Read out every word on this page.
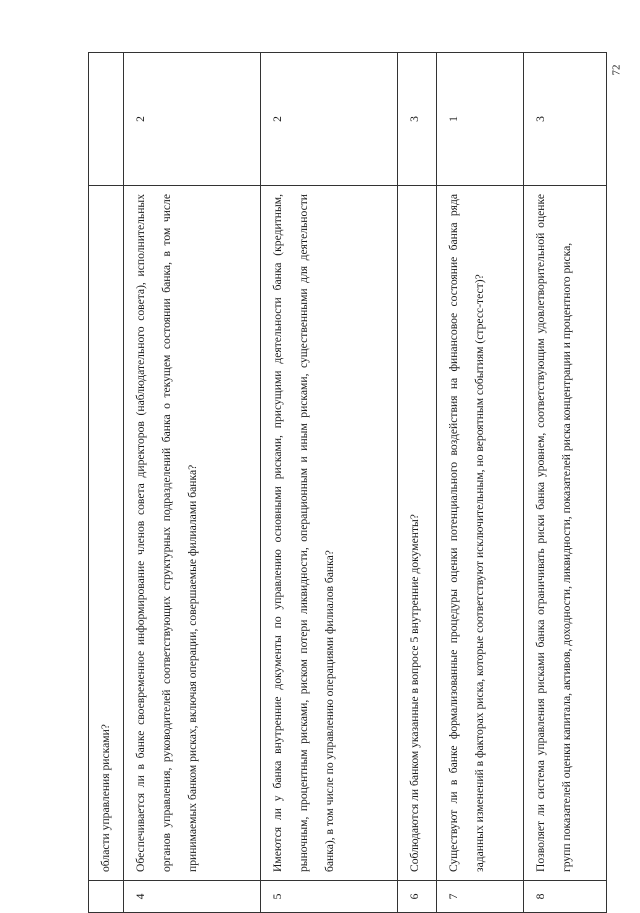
72
	области управления рисками?	
4	Обеспечивается ли в банке своевременное информирование членов совета директоров (наблюдательного совета), исполнительных органов управления, руководителей соответствующих структурных подразделений банка о текущем состоянии банка, в том числе принимаемых банком рисках, включая операции, совершаемые филиалами банка?	2
5	Имеются ли у банка внутренние документы по управлению основными рисками, присущими деятельности банка (кредитным, рыночным, процентным рисками, риском потери ликвидности, операционным и иным рисками, существенными для деятельности банка), в том числе по управлению операциями филиалов банка?	2
6	Соблюдаются ли банком указанные в вопросе 5 внутренние документы?	3
7	Существуют ли в банке формализованные процедуры оценки потенциального воздействия на финансовое состояние банка ряда заданных изменений в факторах риска, которые соответствуют исключительным, но вероятным событиям (стресс-тест)?	1
8	Позволяет ли система управления рисками банка ограничивать риски банка уровнем, соответствующим удовлетворительной оценке групп показателей оценки капитала, активов, доходности, ликвидности, показателей риска концентрации и процентного риска,	3
